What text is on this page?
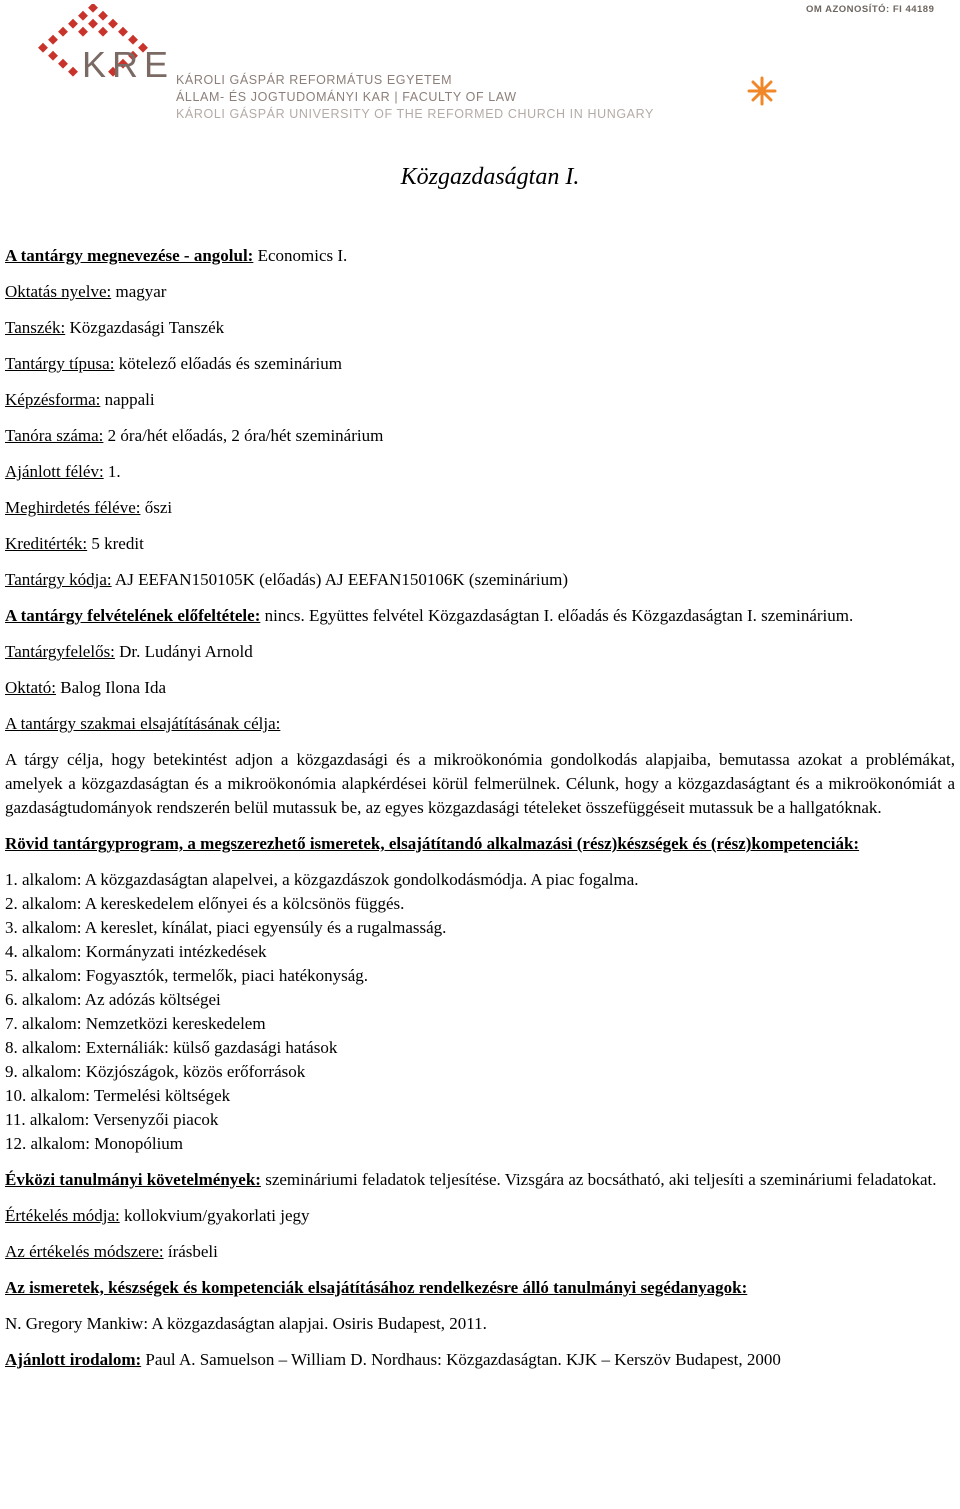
KRE KÁROLI GÁSPÁR REFORMÁTUS EGYETEM
ÁLLAM- ÉS JOGTUDOMÁNYI KAR | FACULTY OF LAW
KÁROLI GÁSPÁR UNIVERSITY OF THE REFORMED CHURCH IN HUNGARY
OM AZONOSÍTÓ: FI 44189
Közgazdaságtan I.

A tantárgy megnevezése - angolul: Economics I.

Oktatás nyelve: magyar

Tanszék: Közgazdasági Tanszék

Tantárgy típusa: kötelező előadás és szeminárium

Képzésforma: nappali

Tanóra száma: 2 óra/hét előadás, 2 óra/hét szeminárium

Ajánlott félév: 1.

Meghirdetés féléve: őszi

Kreditérték: 5 kredit

Tantárgy kódja: AJ EEFAN150105K (előadás) AJ EEFAN150106K (szeminárium)

A tantárgy felvételének előfeltétele: nincs. Együttes felvétel Közgazdaságtan I. előadás és Közgazdaságtan I. szeminárium.

Tantárgyfelelős: Dr. Ludányi Arnold

Oktató: Balog Ilona Ida

A tantárgy szakmai elsajátításának célja:

A tárgy célja, hogy betekintést adjon a közgazdasági és a mikroökonómia gondolkodás alapjaiba, bemutassa azokat a problémákat, amelyek a közgazdaságtan és a mikroökonómia alapkérdései körül felmerülnek. Célunk, hogy a közgazdaságtant és a mikroökonómiát a gazdaságtudományok rendszerén belül mutassuk be, az egyes közgazdasági tételeket összefüggéseit mutassuk be a hallgatóknak.

Rövid tantárgyprogram, a megszerezhető ismeretek, elsajátítandó alkalmazási (rész)készségek és (rész)kompetenciák:

1. alkalom: A közgazdaságtan alapelvei, a közgazdászok gondolkodásmódja. A piac fogalma.

2. alkalom: A kereskedelem előnyei és a kölcsönös függés.

3. alkalom: A kereslet, kínálat, piaci egyensúly és a rugalmasság.

4. alkalom: Kormányzati intézkedések

5. alkalom: Fogyasztók, termelők, piaci hatékonyság.

6. alkalom: Az adózás költségei

7. alkalom: Nemzetközi kereskedelem

8. alkalom: Externáliák: külső gazdasági hatások

9. alkalom: Közjószágok, közös erőforrások

10. alkalom: Termelési költségek

11. alkalom: Versenyzői piacok

12. alkalom: Monopólium

Évközi tanulmányi követelmények: szemináriumi feladatok teljesítése. Vizsgára az bocsátható, aki teljesíti a szemináriumi feladatokat.

Értékelés módja: kollokvium/gyakorlati jegy

Az értékelés módszere: írásbeli

Az ismeretek, készségek és kompetenciák elsajátításához rendelkezésre álló tanulmányi segédanyagok:

N. Gregory Mankiw: A közgazdaságtan alapjai. Osiris Budapest, 2011.

Ajánlott irodalom: Paul A. Samuelson – William D. Nordhaus: Közgazdaságtan. KJK – Kerszöv Budapest, 2000
